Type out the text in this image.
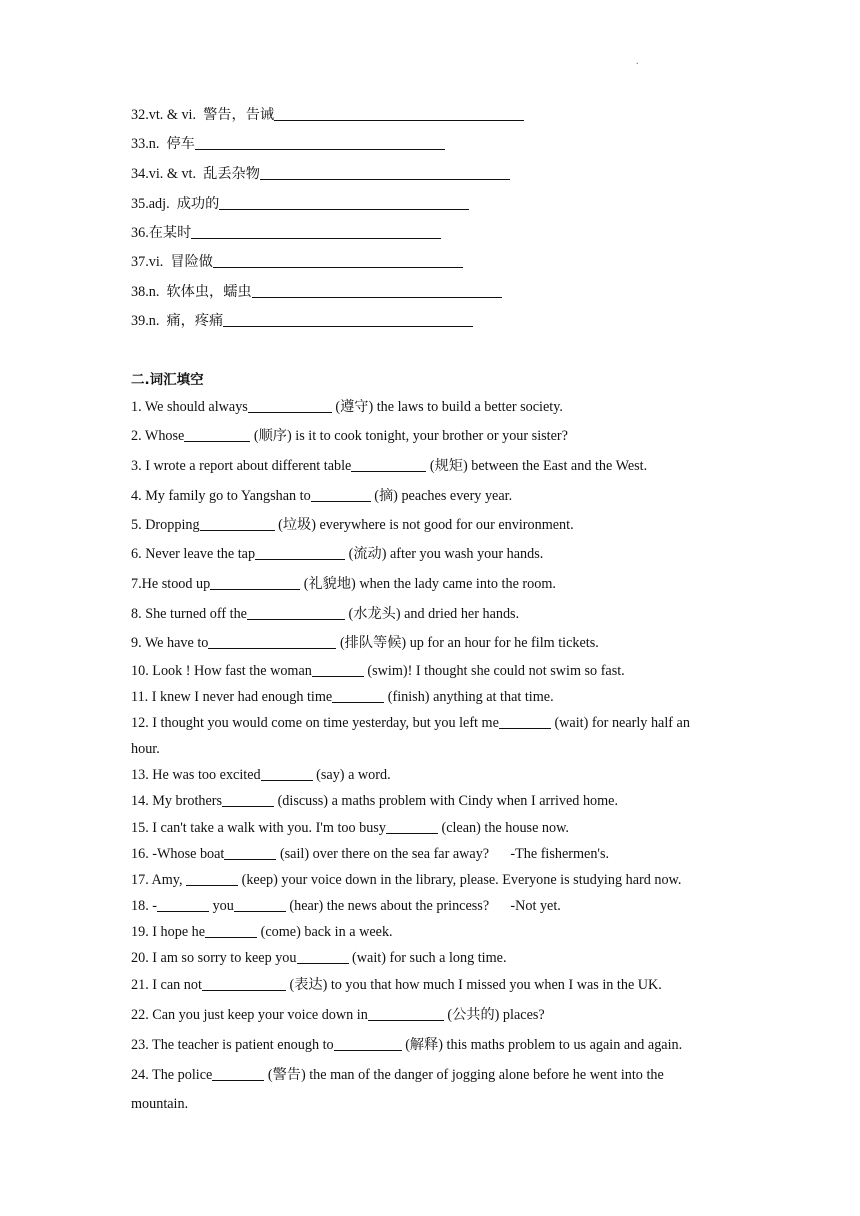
.
32.vt. & vi. 警告，告诫
33.n. 停车
34.vi. & vt. 乱丢杂物
35.adj. 成功的
36.在某时
37.vi. 冒险做
38.n. 软体虫，蠕虫
39.n. 痛，疼痛
二.词汇填空
1. We should always	(遵守) the laws to build a better society.
2. Whose	(顺序) is it to cook tonight, your brother or your sister?
3. I wrote a report about different table	(规矩) between the East and the West.
4. My family go to Yangshan to	(摘) peaches every year.
5. Dropping	(垃圾) everywhere is not good for our environment.
6. Never leave the tap	(流动) after you wash your hands.
7.He stood up	(礼貌地) when the lady came into the room.
8. She turned off the	(水龙头) and dried her hands.
9. We have to	(排队等候) up for an hour for he film tickets.
10. Look ! How fast the woman	(swim)! I thought she could not swim so fast.
11. I knew I never had enough time	(finish) anything at that time.
12. I thought you would come on time yesterday, but you left me	(wait) for nearly half an
hour.
13. He was too excited	(say) a word.
14. My brothers	(discuss) a maths problem with Cindy when I arrived home.
15. I can't take a walk with you. I'm too busy	(clean) the house now.
16. -Whose boat	(sail) over there on the sea far away?      -The fishermen's.
17. Amy,	(keep) your voice down in the library, please. Everyone is studying hard now.
18. -	you	(hear) the news about the princess?      -Not yet.
19. I hope he	(come) back in a week.
20. I am so sorry to keep you	(wait) for such a long time.
21. I can not	(表达) to you that how much I missed you when I was in the UK.
22. Can you just keep your voice down in	(公共的) places?
23. The teacher is patient enough to	(解释) this maths problem to us again and again.
24. The police	(警告) the man of the danger of jogging alone before he went into the
mountain.
